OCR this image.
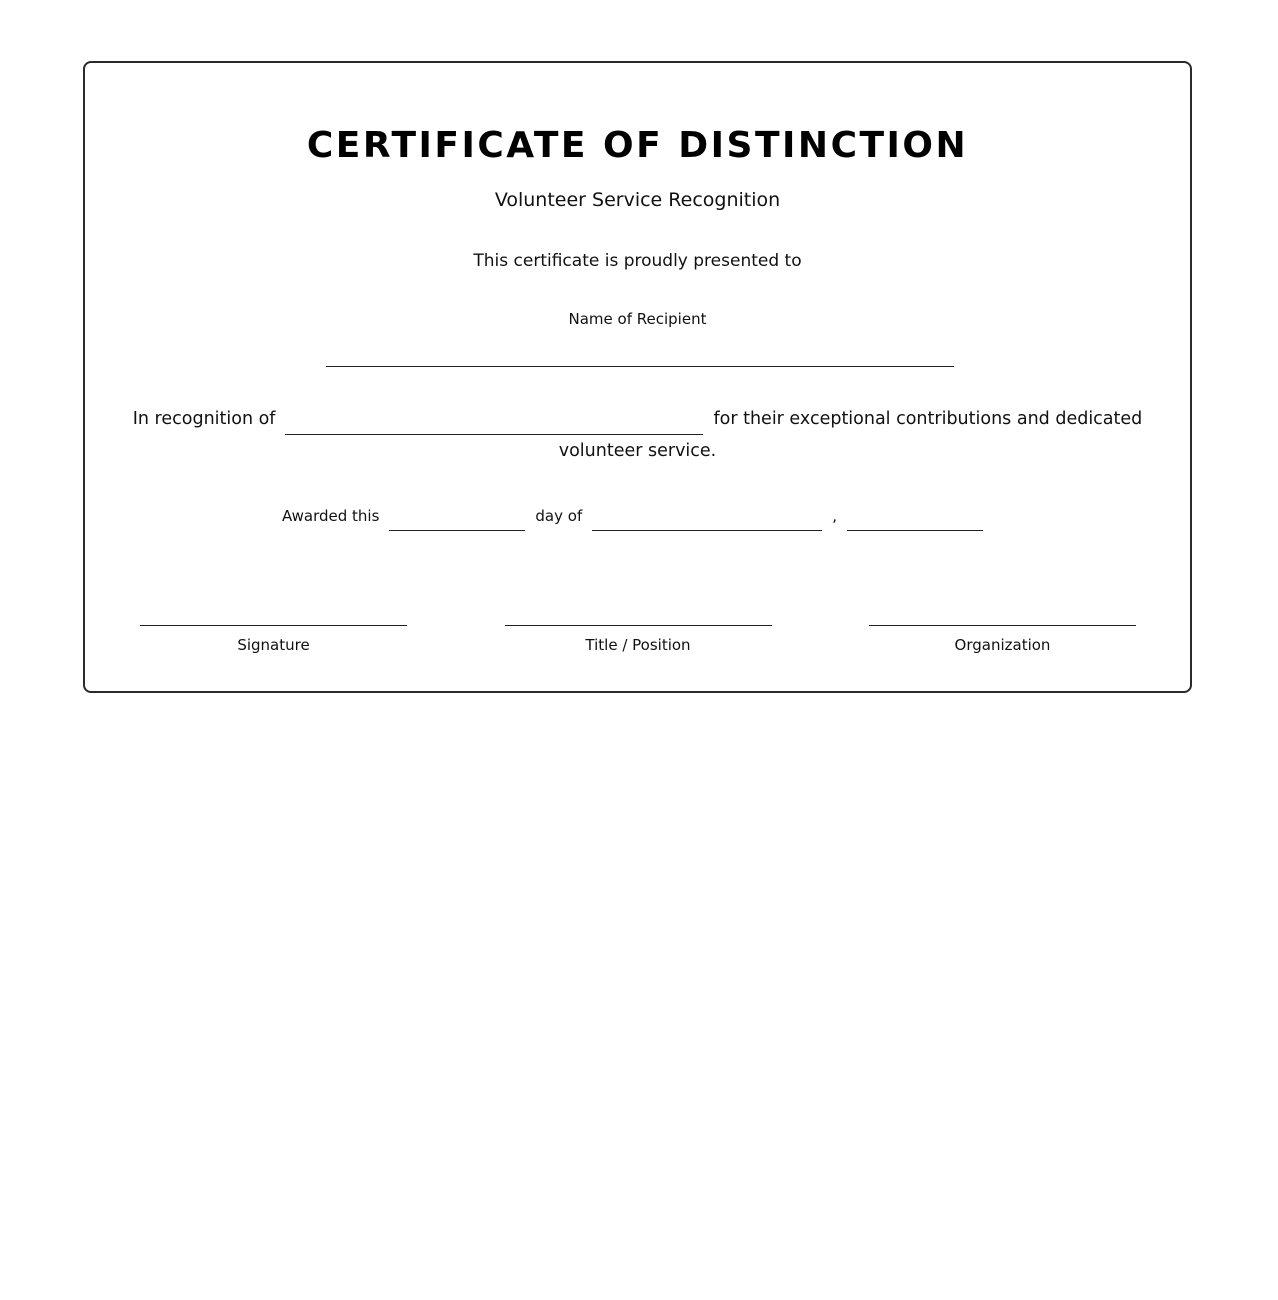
CERTIFICATE OF DISTINCTION
Volunteer Service Recognition
This certificate is proudly presented to
Name of Recipient
In recognition of	for their exceptional contributions and dedicated volunteer service.
Awarded this	day of	,
Signature	Title / Position	Organization
